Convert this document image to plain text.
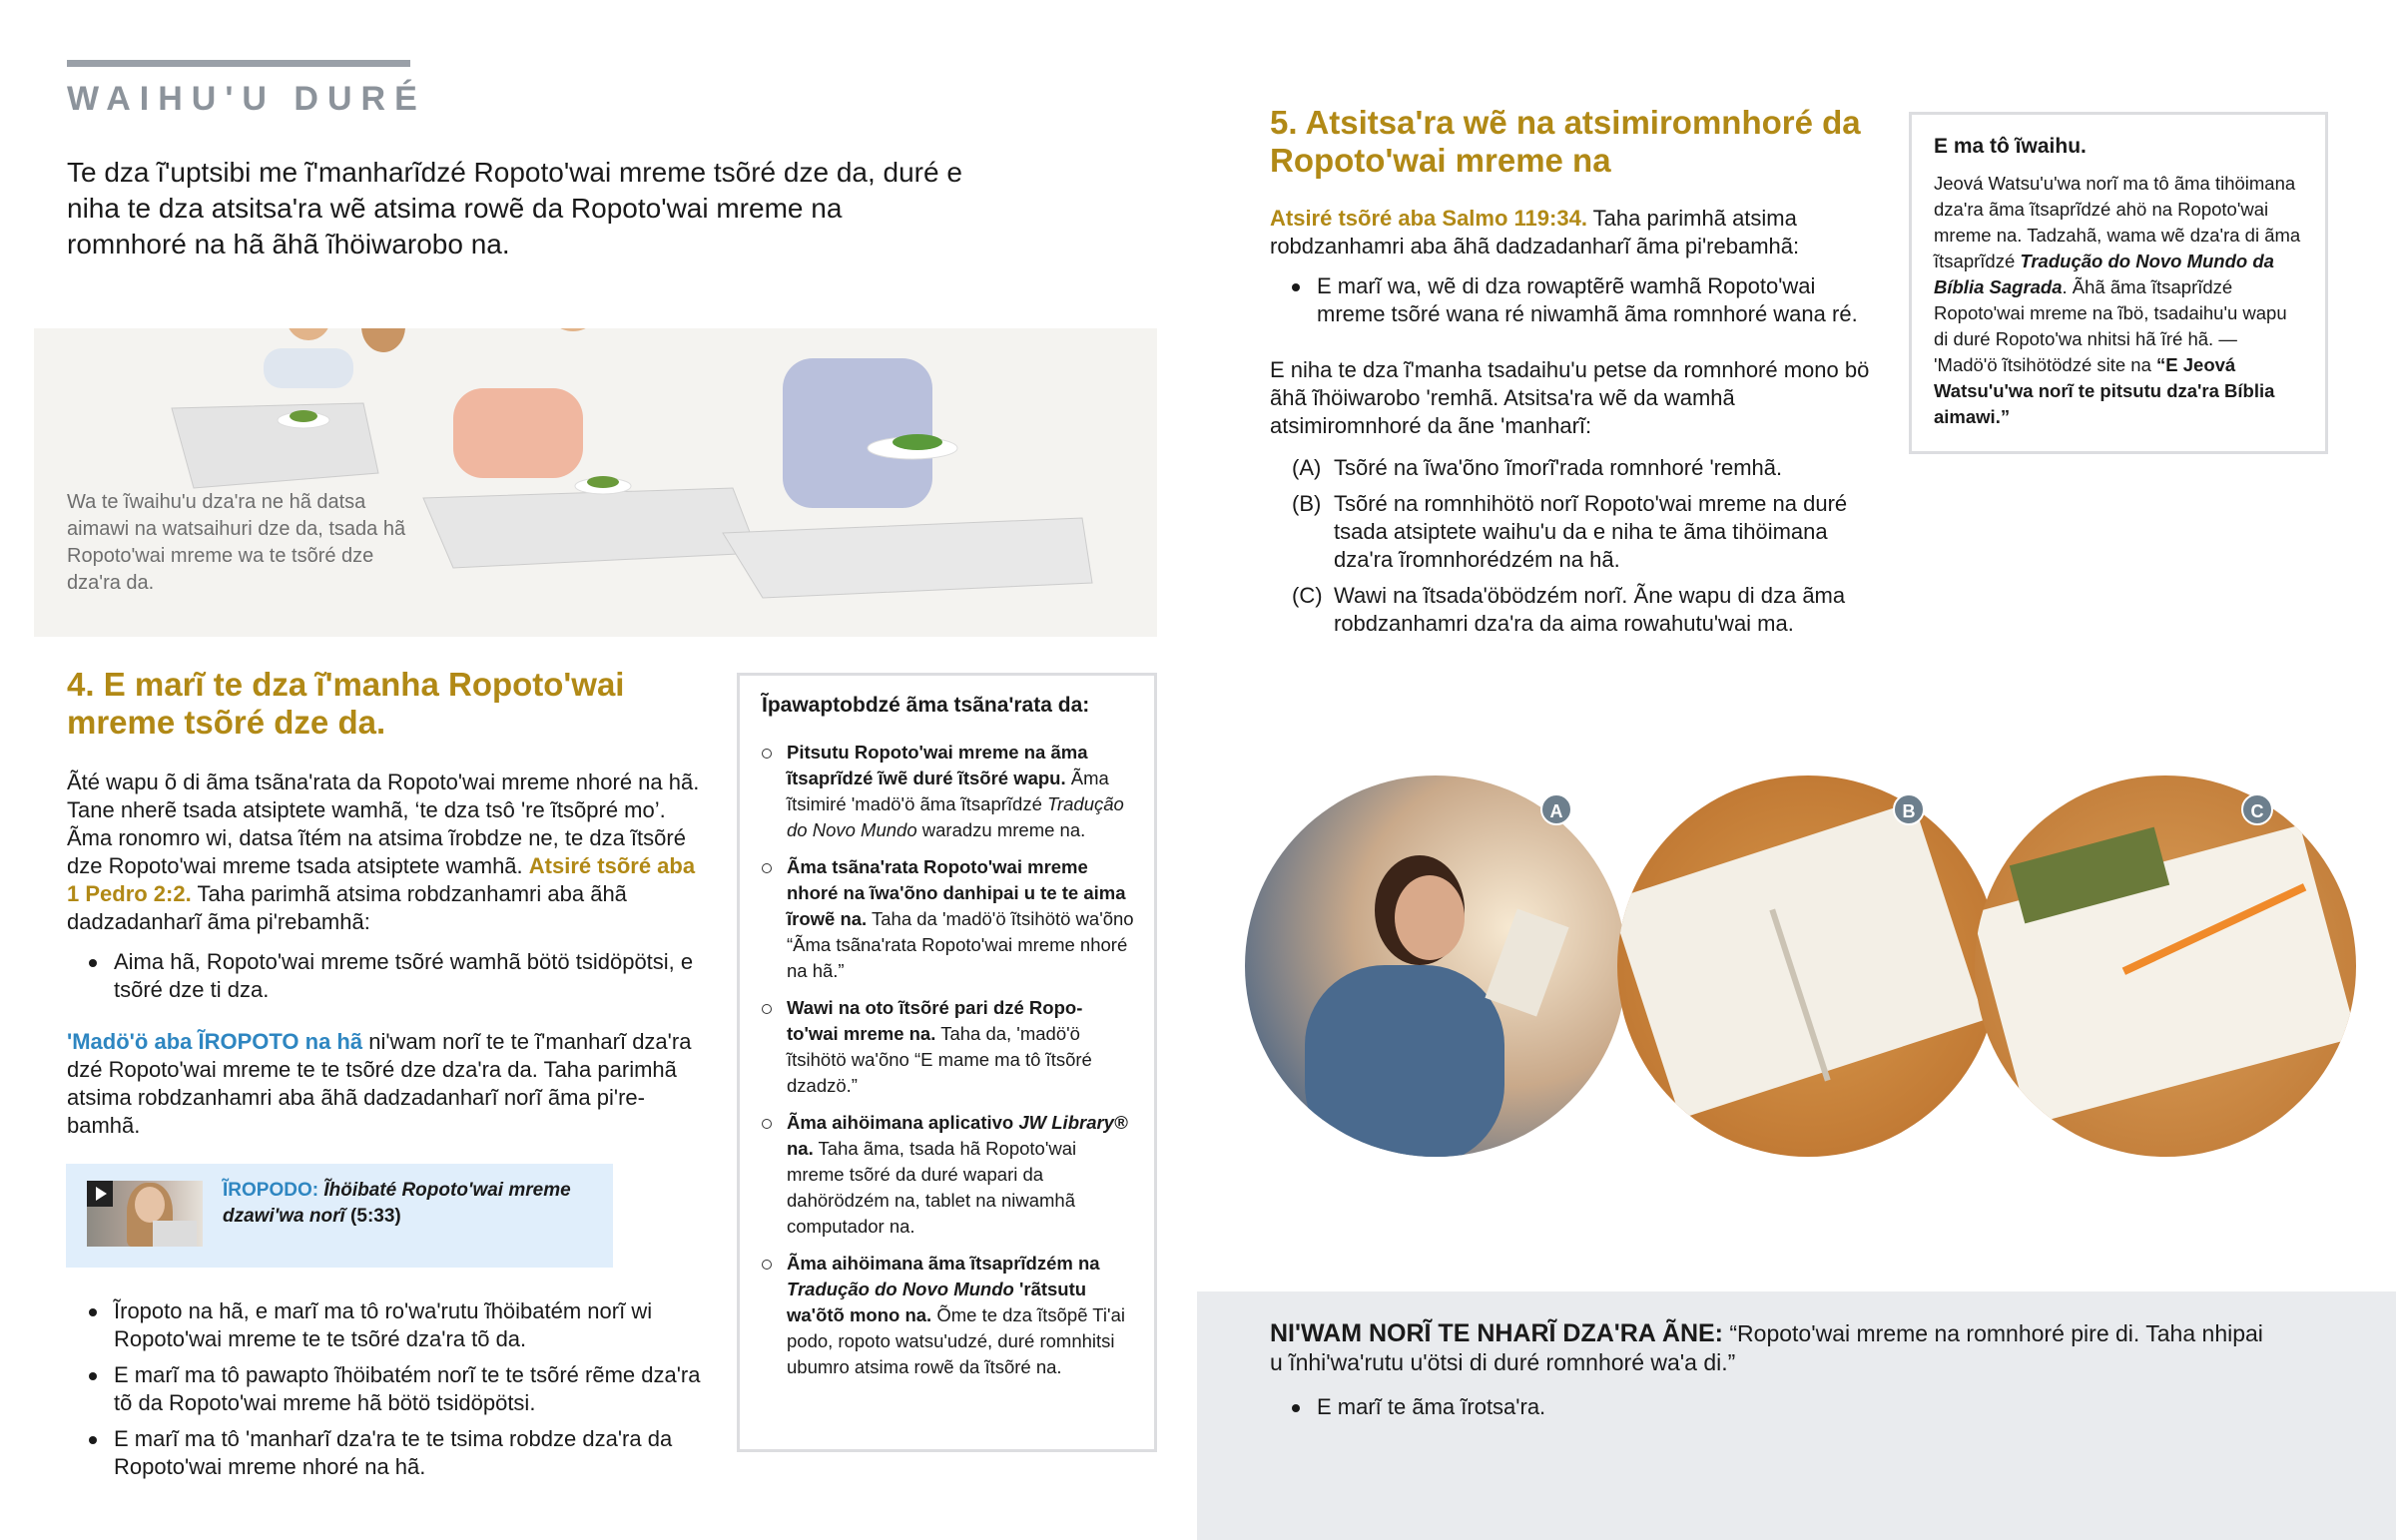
WAIHU'U DURÉ

Te dza ĩ'uptsibi me ĩ'manharĩdzé Ropoto'wai mreme tsõré dze da, duré e niha te dza atsitsa'ra wẽ atsima rowẽ da Ropoto'wai mreme na romnhoré na hã ãhã ĩhöiwarobo na.

Wa te ĩwaihu'u dza'ra ne hã datsa aimawi na watsaihuri dze da, tsada hã Ropoto'wai mreme wa te tsõré dze dza'ra da.

4. E marĩ te dza ĩ'manha Ropoto'wai mreme tsõré dze da.

Ãté wapu õ di ãma tsãna'rata da Ropoto'wai mreme nhoré na hã. Tane nherẽ tsada atsiptete wamhã, ‘te dza tsô 're ĩtsõpré mo’. Ãma ronomro wi, datsa ĩtém na atsima ĩrobdze ne, te dza ĩtsõré dze Ropoto'wai mreme tsada atsiptete wamhã. Atsiré tsõré aba 1 Pedro 2:2. Taha parimhã atsima robdzanhamri aba ãhã dadzadanharĩ ãma pi'rebamhã:

Aima hã, Ropoto'wai mreme tsõré wamhã bötö tsidöpötsi, e tsõré dze ti dza.

'Madö'ö aba ĨROPOTO na hã ni'wam norĩ te te ĩ'manharĩ dza'ra dzé Ropoto'wai mreme te te tsõré dze dza'ra da. Taha parimhã atsima robdzanhamri aba ãhã dadzadanharĩ norĩ ãma pi're-bamhã.

ĨROPODO: Ĩhöibaté Ropoto'wai mreme dzawi'wa norĩ (5:33)

Ĩropoto na hã, e marĩ ma tô ro'wa'rutu ĩhöibatém norĩ wi Ropoto'wai mreme te te tsõré dza'ra tõ da.

E marĩ ma tô pawapto ĩhöibatém norĩ te te tsõré rẽme dza'ra tõ da Ropoto'wai mreme hã bötö tsidöpötsi.

E marĩ ma tô 'manharĩ dza'ra te te tsima robdze dza'ra da Ropoto'wai mreme nhoré na hã.

Ĩpawaptobdzé ãma tsãna'rata da:

Pitsutu Ropoto'wai mreme na ãma ĩtsaprĩdzé ĩwẽ duré ĩtsõré wapu. Ãma ĩtsimiré 'madö'ö ãma ĩtsaprĩdzé Tradução do Novo Mundo waradzu mreme na.

Ãma tsãna'rata Ropoto'wai mreme nhoré na ĩwa'õno danhipai u te te aima ĩrowẽ na. Taha da 'madö'ö ĩtsihötö wa'õno “Ãma tsãna'rata Ropoto'wai mreme nhoré na hã.”

Wawi na oto ĩtsõré pari dzé Ropo-to'wai mreme na. Taha da, 'madö'ö ĩtsihötö wa'õno “E mame ma tô ĩtsõré dzadzö.”

Ãma aihöimana aplicativo JW Library® na. Taha ãma, tsada hã Ropoto'wai mreme tsõré da duré wapari da dahörödzém na, tablet na niwamhã computador na.

Ãma aihöimana ãma ĩtsaprĩdzém na Tradução do Novo Mundo 'rãtsutu wa'õtõ mono na. Õme te dza ĩtsõpẽ Ti'ai podo, ropoto watsu'udzé, duré romnhitsi ubumro atsima rowẽ da ĩtsõré na.

5. Atsitsa'ra wẽ na atsimiromnhoré da Ropoto'wai mreme na

Atsiré tsõré aba Salmo 119:34. Taha parimhã atsima robdzanhamri aba ãhã dadzadanharĩ ãma pi'rebamhã:

E marĩ wa, wẽ di dza rowaptẽrẽ wamhã Ropoto'wai mreme tsõré wana ré niwamhã ãma romnhoré wana ré.

E niha te dza ĩ'manha tsadaihu'u petse da romnhoré mono bö ãhã ĩhöiwarobo 'remhã. Atsitsa'ra wẽ da wamhã atsimiromnhoré da ãne 'manharĩ:

(A) Tsõré na ĩwa'õno ĩmorĩ'rada romnhoré 'remhã.

(B) Tsõré na romnhihötö norĩ Ropoto'wai mreme na duré tsada atsiptete waihu'u da e niha te ãma tihöimana dza'ra ĩromnhorédzém na hã.

(C) Wawi na ĩtsada'öbödzém norĩ. Ãne wapu di dza ãma robdzanhamri dza'ra da aima rowahutu'wai ma.

E ma tô ĩwaihu.

Jeová Watsu'u'wa norĩ ma tô ãma tihöimana dza'ra ãma ĩtsaprĩdzé ahö na Ropoto'wai mreme na. Tadzahã, wama wẽ dza'ra di ãma ĩtsaprĩdzé Tradução do Novo Mundo da Bíblia Sagrada. Ãhã ãma ĩtsaprĩdzé Ropoto'wai mreme na ĩbö, tsadaihu'u wapu di duré Ropoto'wa nhitsi hã ĩré hã. — 'Madö'ö ĩtsihötödzé site na “E Jeová Watsu'u'wa norĩ te pitsutu dza'ra Bíblia aimawi.”

A	B	C

NI'WAM NORĨ TE NHARĨ DZA'RA ÃNE: “Ropoto'wai mreme na romnhoré pire di. Taha nhipai u ĩnhi'wa'rutu u'ötsi di duré romnhoré wa'a di.”

E marĩ te ãma ĩrotsa'ra.
